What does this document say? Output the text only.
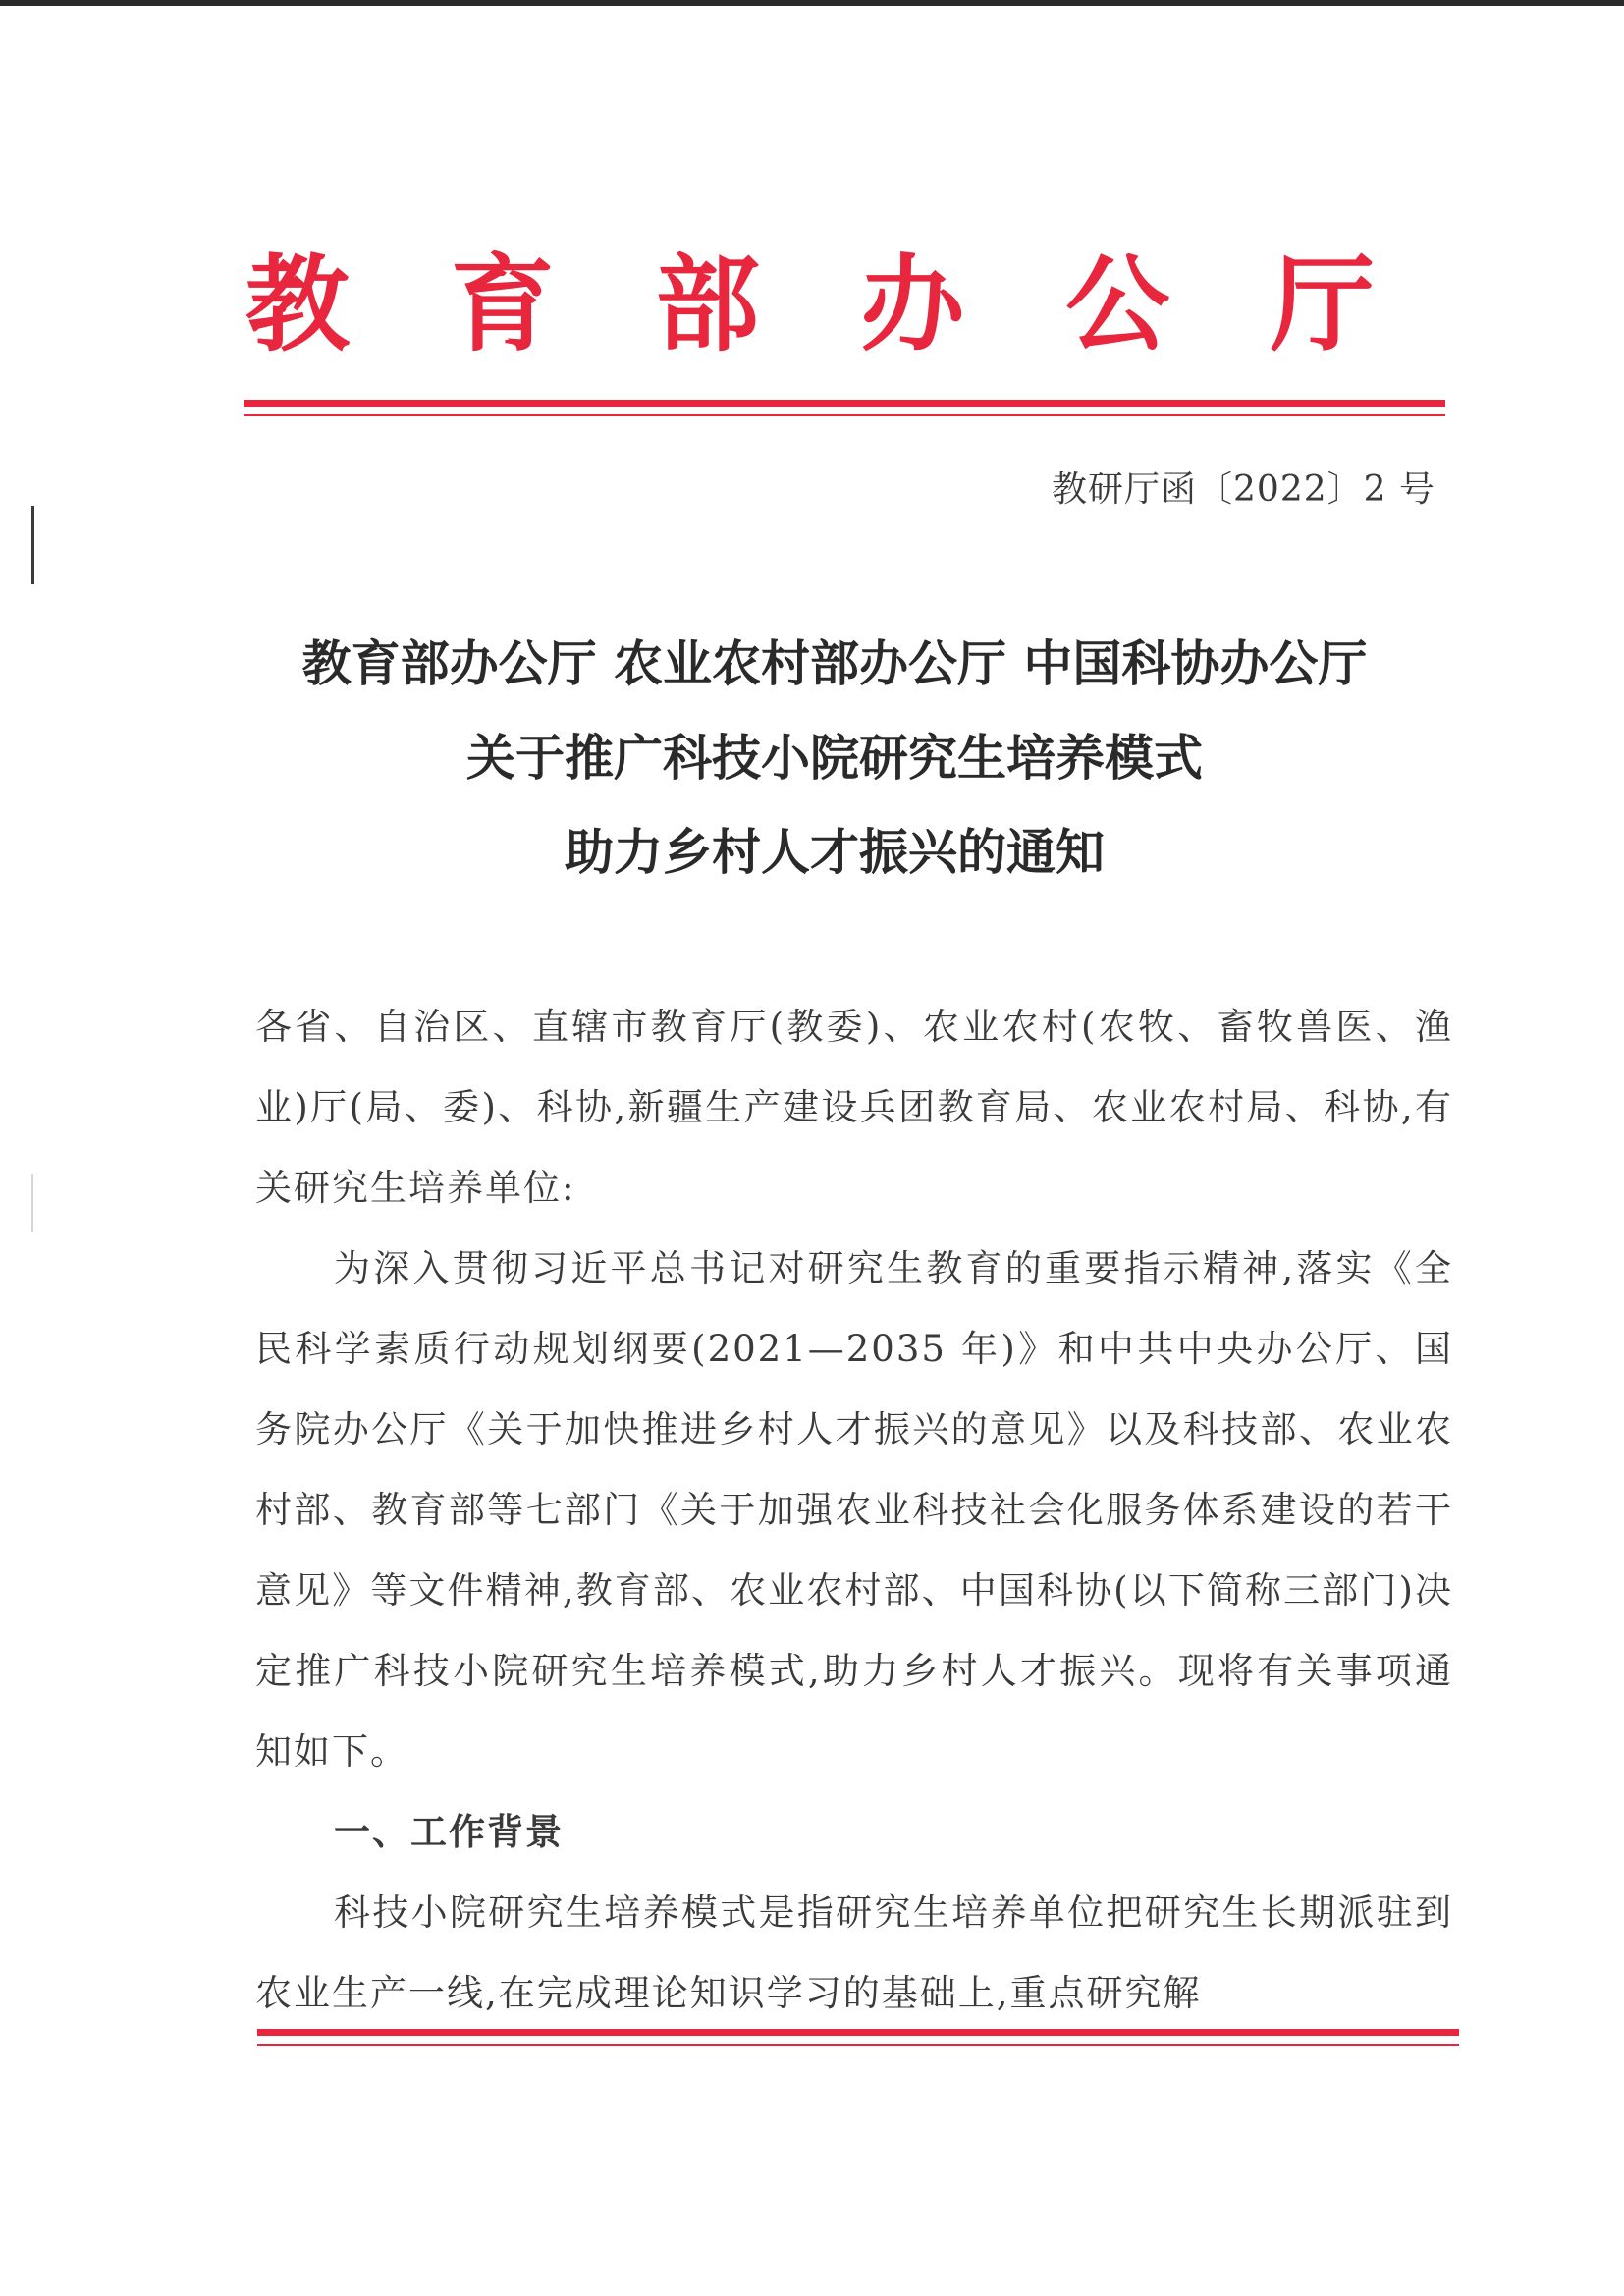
教 育 部 办 公 厅
教研厅函〔2022〕2 号
教育部办公厅 农业农村部办公厅 中国科协办公厅
关于推广科技小院研究生培养模式
助力乡村人才振兴的通知
各省、自治区、直辖市教育厅(教委)、农业农村(农牧、畜牧兽医、渔业)厅(局、委)、科协,新疆生产建设兵团教育局、农业农村局、科协,有关研究生培养单位:
为深入贯彻习近平总书记对研究生教育的重要指示精神,落实《全民科学素质行动规划纲要(2021—2035 年)》和中共中央办公厅、国务院办公厅《关于加快推进乡村人才振兴的意见》以及科技部、农业农村部、教育部等七部门《关于加强农业科技社会化服务体系建设的若干意见》等文件精神,教育部、农业农村部、中国科协(以下简称三部门)决定推广科技小院研究生培养模式,助力乡村人才振兴。现将有关事项通知如下。
一、工作背景
科技小院研究生培养模式是指研究生培养单位把研究生长期派驻到农业生产一线,在完成理论知识学习的基础上,重点研究解
